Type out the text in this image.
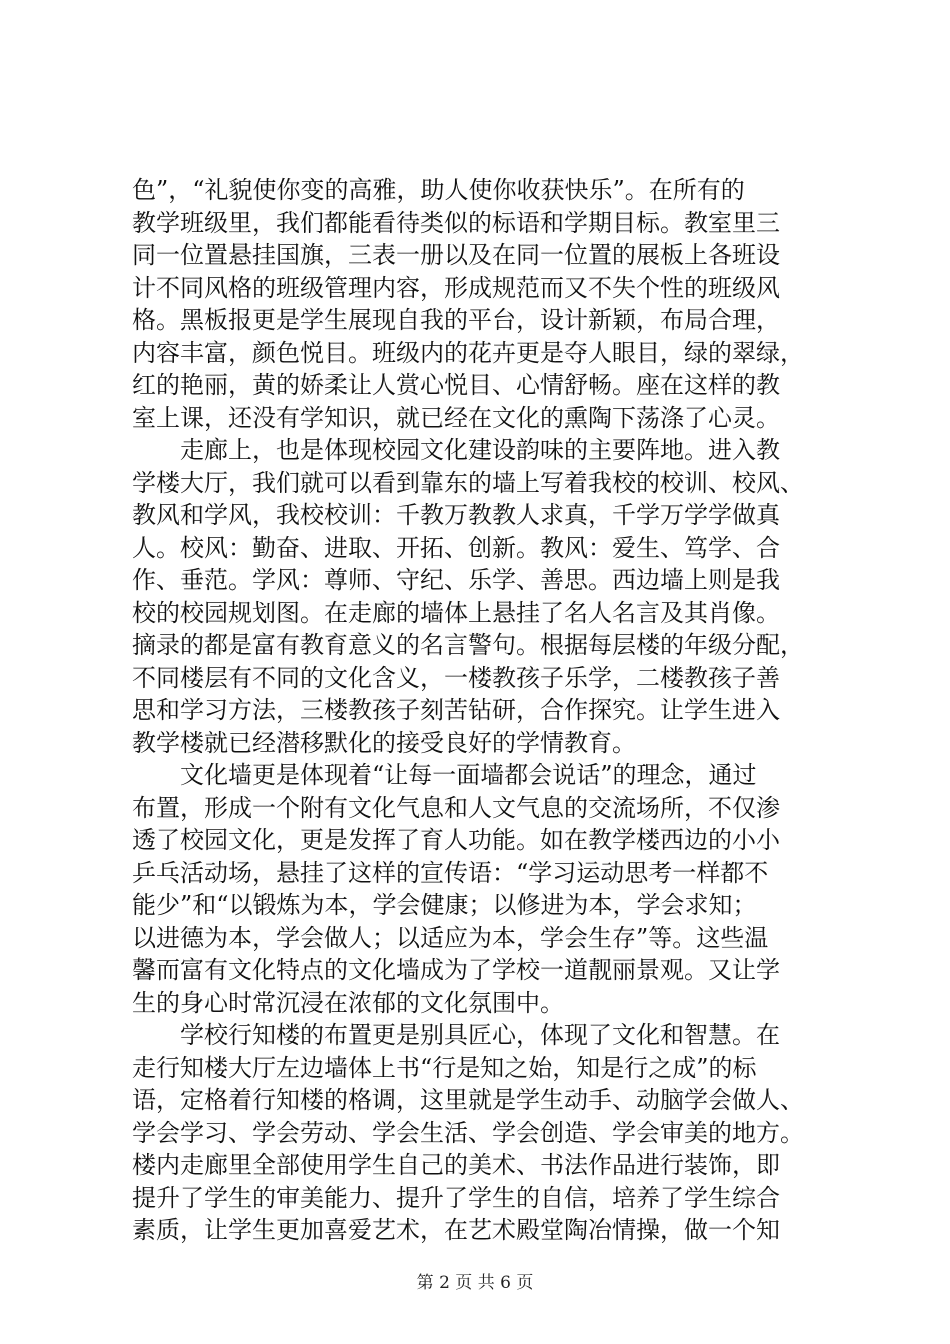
色”，“礼貌使你变的高雅，助人使你收获快乐”。在所有的
教学班级里，我们都能看待类似的标语和学期目标。教室里三
同一位置悬挂国旗，三表一册以及在同一位置的展板上各班设
计不同风格的班级管理内容，形成规范而又不失个性的班级风
格。黑板报更是学生展现自我的平台，设计新颖，布局合理，
内容丰富，颜色悦目。班级内的花卉更是夺人眼目，绿的翠绿，
红的艳丽，黄的娇柔让人赏心悦目、心情舒畅。座在这样的教
室上课，还没有学知识，就已经在文化的熏陶下荡涤了心灵。
走廊上，也是体现校园文化建设韵味的主要阵地。进入教
学楼大厅，我们就可以看到靠东的墙上写着我校的校训、校风、
教风和学风，我校校训：千教万教教人求真，千学万学学做真
人。校风：勤奋、进取、开拓、创新。教风：爱生、笃学、合
作、垂范。学风：尊师、守纪、乐学、善思。西边墙上则是我
校的校园规划图。在走廊的墙体上悬挂了名人名言及其肖像。
摘录的都是富有教育意义的名言警句。根据每层楼的年级分配，
不同楼层有不同的文化含义，一楼教孩子乐学，二楼教孩子善
思和学习方法，三楼教孩子刻苦钻研，合作探究。让学生进入
教学楼就已经潜移默化的接受良好的学情教育。
文化墙更是体现着“让每一面墙都会说话”的理念，通过
布置，形成一个附有文化气息和人文气息的交流场所，不仅渗
透了校园文化，更是发挥了育人功能。如在教学楼西边的小小
乒乓活动场，悬挂了这样的宣传语：“学习运动思考一样都不
能少”和“以锻炼为本，学会健康；以修进为本，学会求知；
以进德为本，学会做人；以适应为本，学会生存”等。这些温
馨而富有文化特点的文化墙成为了学校一道靓丽景观。又让学
生的身心时常沉浸在浓郁的文化氛围中。
学校行知楼的布置更是别具匠心，体现了文化和智慧。在
走行知楼大厅左边墙体上书“行是知之始，知是行之成”的标
语，定格着行知楼的格调，这里就是学生动手、动脑学会做人、
学会学习、学会劳动、学会生活、学会创造、学会审美的地方。
楼内走廊里全部使用学生自己的美术、书法作品进行装饰，即
提升了学生的审美能力、提升了学生的自信，培养了学生综合
素质，让学生更加喜爱艺术，在艺术殿堂陶冶情操，做一个知
第 2 页 共 6 页
